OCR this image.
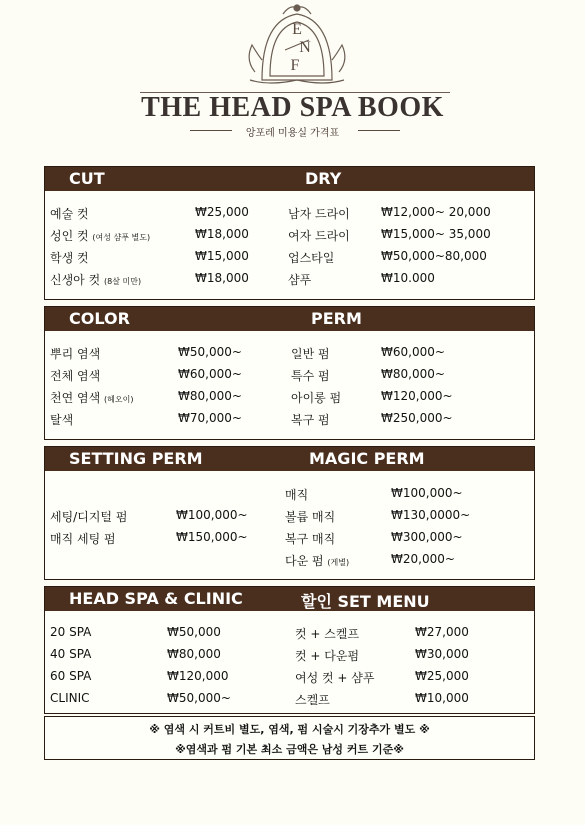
E
N
F
THE HEAD SPA BOOK
앙포레 미용실 가격표
CUT	DRY
예술 컷	₩25,000
성인 컷 (여성 샴푸 별도)	₩18,000
학생 컷	₩15,000
신생아 컷 (8살 미만)	₩18,000
남자 드라이	₩12,000~ 20,000
여자 드라이	₩15,000~ 35,000
업스타일	₩50,000~80,000
샴푸	₩10.000
COLOR	PERM
뿌리 염색	₩50,000~
전체 염색	₩60,000~
천연 염색 (헤오이)	₩80,000~
탈색	₩70,000~
일반 펌	₩60,000~
특수 펌	₩80,000~
아이롱 펌	₩120,000~
복구 펌	₩250,000~
SETTING PERM	MAGIC PERM
세팅/디지털 펌	₩100,000~
매직 세팅 펌	₩150,000~
매직	₩100,000~
볼륨 매직	₩130,0000~
복구 매직	₩300,000~
다운 펌 (게별)	₩20,000~
HEAD SPA & CLINIC	할인 SET MENU
20 SPA	₩50,000
40 SPA	₩80,000
60 SPA	₩120,000
CLINIC	₩50,000~
컷 + 스켈프	₩27,000
컷 + 다운펌	₩30,000
여성 컷 + 샴푸	₩25,000
스켈프	₩10,000
※ 염색 시 커트비 별도, 염색, 펌 시술시 기장추가 별도 ※
※염색과 펌 기본 최소 금액은 남성 커트 기준※
